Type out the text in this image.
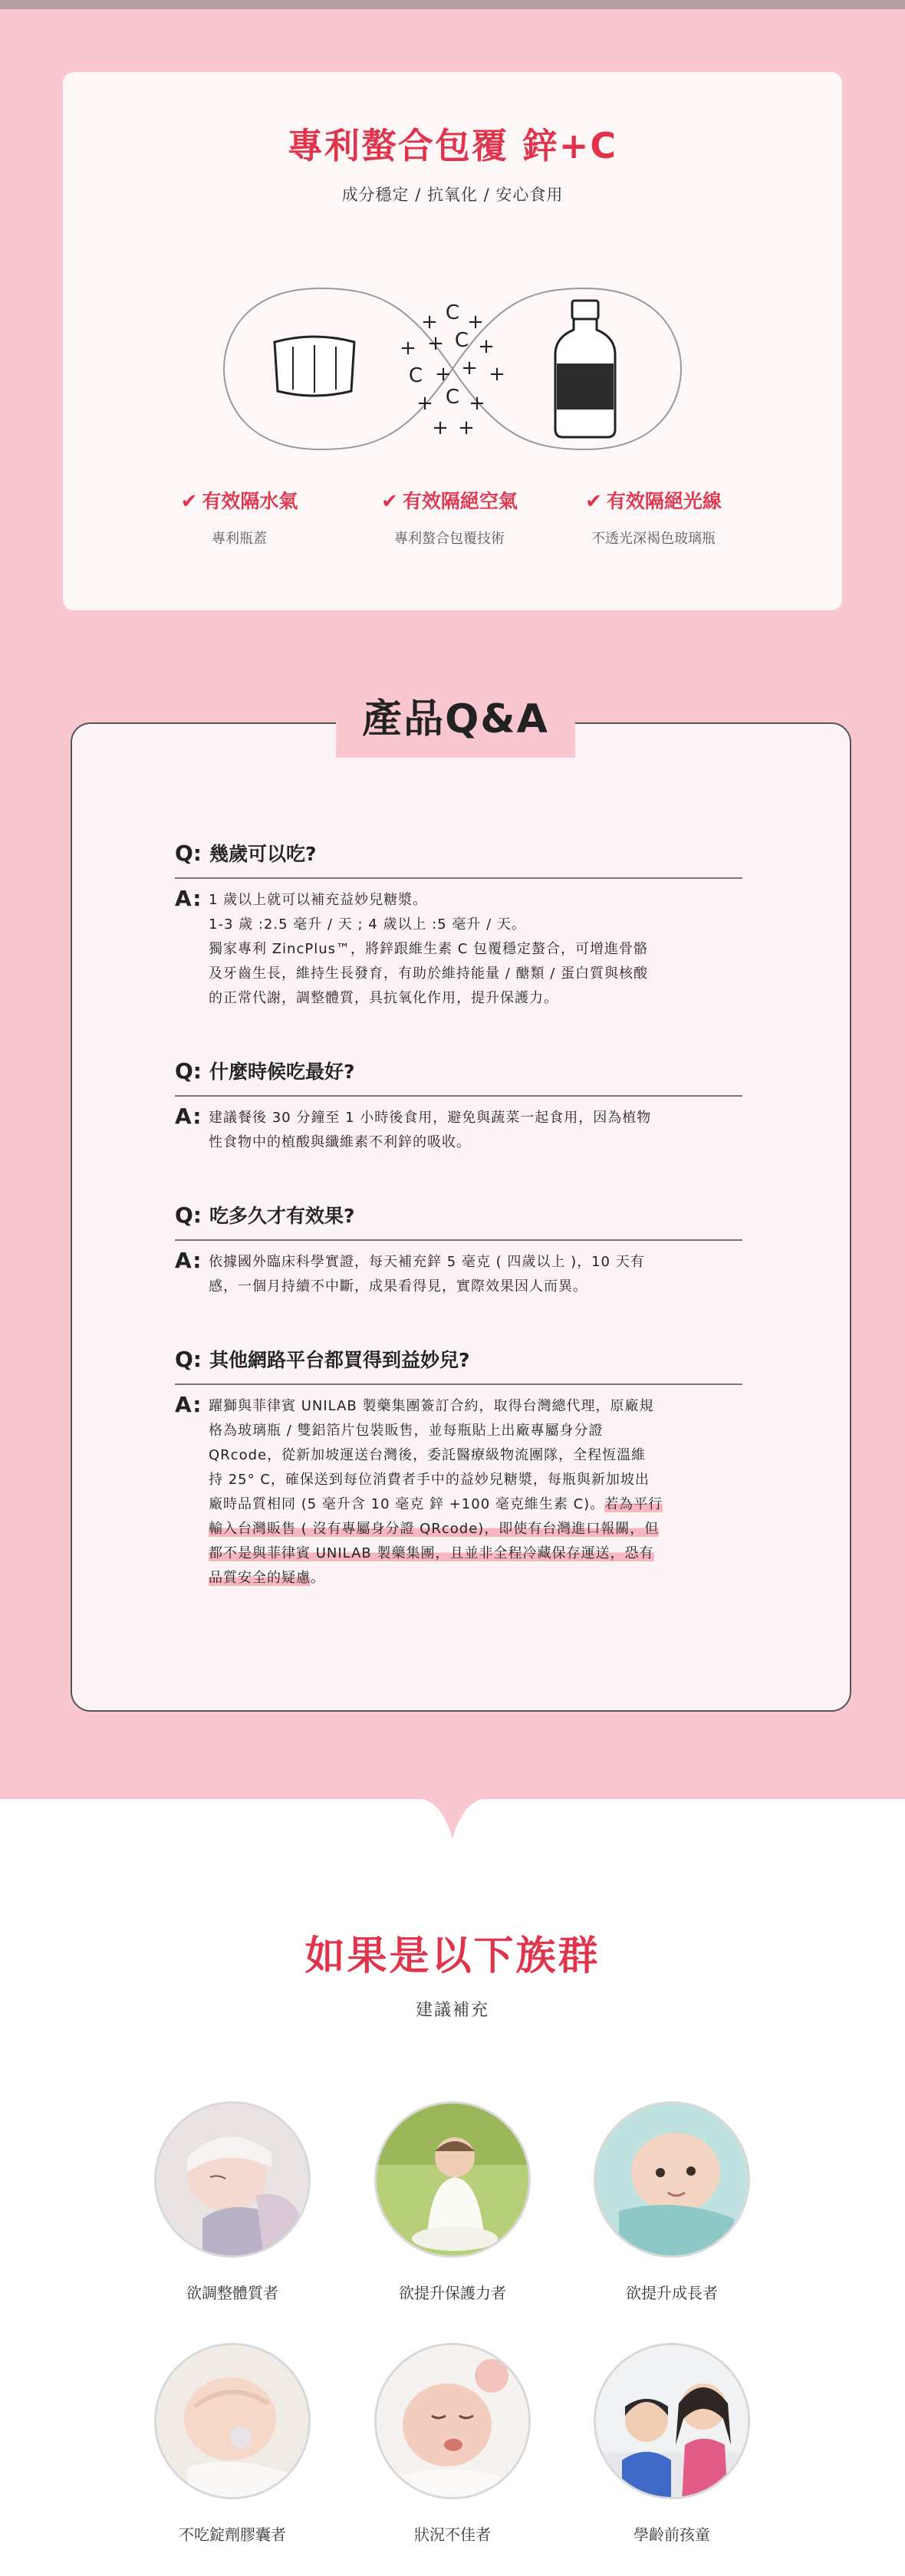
專利螯合包覆 鋅+C
成分穩定 / 抗氧化 / 安心食用
+ C +
+ + C +
C + + +
+ C +
+ +
✔ 有效隔水氣
專利瓶蓋
✔ 有效隔絕空氣
專利螯合包覆技術
✔ 有效隔絕光線
不透光深褐色玻璃瓶
產品Q&A
Q: 幾歲可以吃?
A: 1 歲以上就可以補充益妙兒糖漿。

1-3 歲 :2.5 毫升 / 天 ; 4 歲以上 :5 毫升 / 天。

獨家專利 ZincPlus™，將鋅跟維生素 C 包覆穩定螯合，可增進骨骼

及牙齒生長，維持生長發育，有助於維持能量 / 醣類 / 蛋白質與核酸

的正常代謝，調整體質，具抗氧化作用，提升保護力。

Q: 什麼時候吃最好?
A: 建議餐後 30 分鐘至 1 小時後食用，避免與蔬菜一起食用，因為植物

性食物中的植酸與纖維素不利鋅的吸收。

Q: 吃多久才有效果?
A: 依據國外臨床科學實證，每天補充鋅 5 毫克 ( 四歲以上 )，10 天有

感，一個月持續不中斷，成果看得見，實際效果因人而異。

Q: 其他網路平台都買得到益妙兒?
A: 躍獅與菲律賓 UNILAB 製藥集團簽訂合約，取得台灣總代理，原廠規

格為玻璃瓶 / 雙鋁箔片包裝販售，並每瓶貼上出廠專屬身分證

QRcode，從新加坡運送台灣後，委託醫療級物流團隊，全程恆溫維

持 25° C，確保送到每位消費者手中的益妙兒糖漿，每瓶與新加坡出

廠時品質相同 (5 毫升含 10 毫克 鋅 +100 毫克維生素 C)。若為平行

輸入台灣販售 ( 沒有專屬身分證 QRcode)，即使有台灣進口報關，但

都不是與菲律賓 UNILAB 製藥集團，且並非全程冷藏保存運送，恐有

品質安全的疑慮。

如果是以下族群
建議補充
欲調整體質者	欲提升保護力者	欲提升成長者
不吃錠劑膠囊者	狀況不佳者	學齡前孩童
